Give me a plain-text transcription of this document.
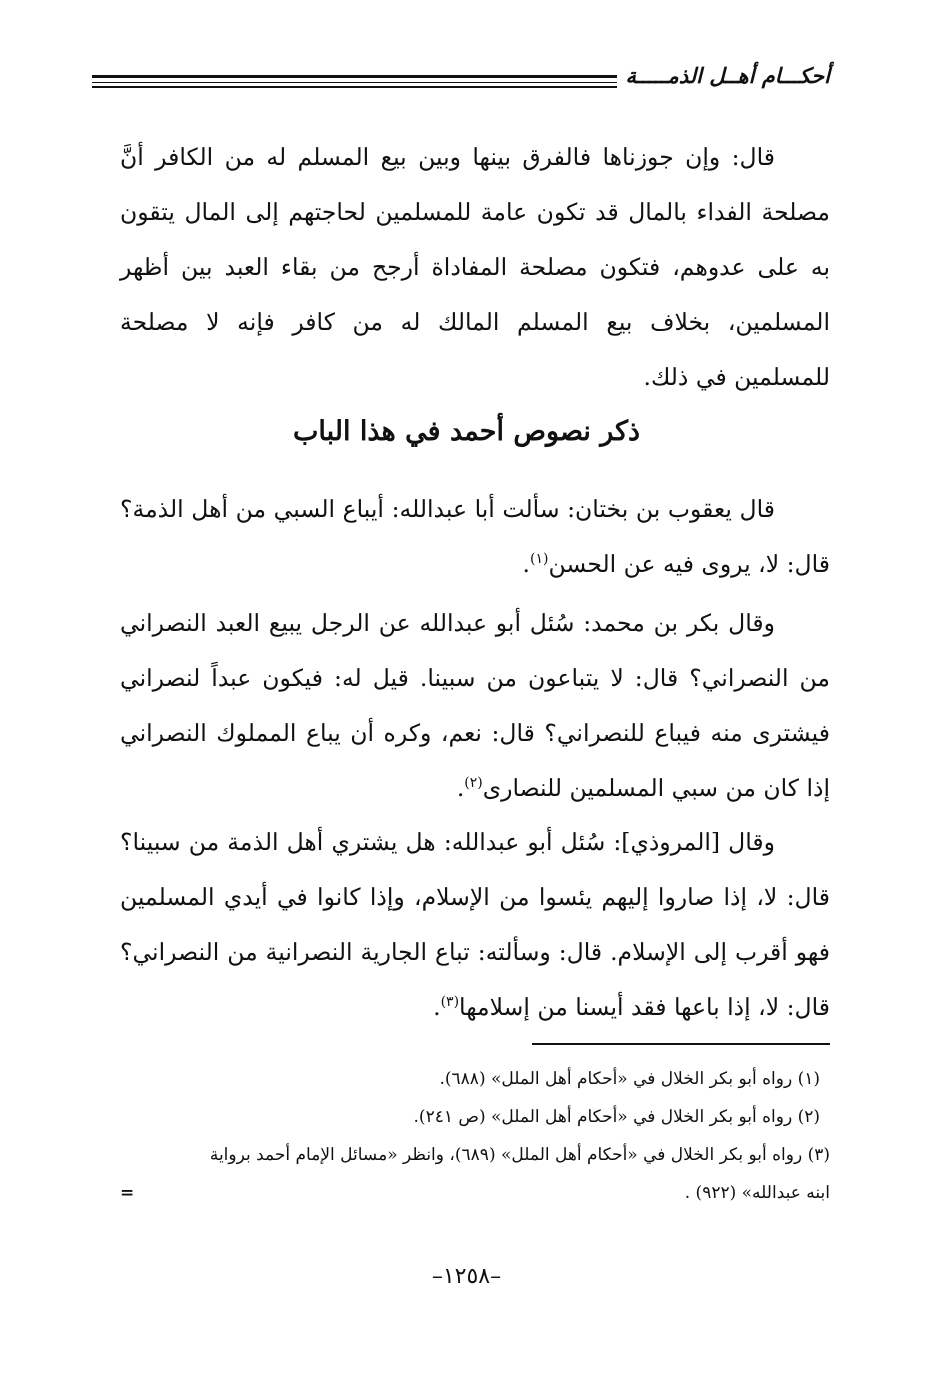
أحكـــام أهــل الذمـــــة

قال: وإن جوزناها فالفرق بينها وبين بيع المسلم له من الكافر أنَّ مصلحة الفداء بالمال قد تكون عامة للمسلمين لحاجتهم إلى المال يتقون به على عدوهم، فتكون مصلحة المفاداة أرجح من بقاء العبد بين أظهر المسلمين، بخلاف بيع المسلم المالك له من كافر فإنه لا مصلحة للمسلمين في ذلك.

ذكر نصوص أحمد في هذا الباب

قال يعقوب بن بختان: سألت أبا عبدالله: أيباع السبي من أهل الذمة؟ قال: لا، يروى فيه عن الحسن$^{(١)}$.

وقال بكر بن محمد: سُئل أبو عبدالله عن الرجل يبيع العبد النصراني من النصراني؟ قال: لا يتباعون من سبينا. قيل له: فيكون عبداً لنصراني فيشترى منه فيباع للنصراني؟ قال: نعم، وكره أن يباع المملوك النصراني إذا كان من سبي المسلمين للنصارى$^{(٢)}$.

وقال [المروذي]: سُئل أبو عبدالله: هل يشتري أهل الذمة من سبينا؟ قال: لا، إذا صاروا إليهم يئسوا من الإسلام، وإذا كانوا في أيدي المسلمين فهو أقرب إلى الإسلام. قال: وسألته: تباع الجارية النصرانية من النصراني؟ قال: لا، إذا باعها فقد أيسنا من إسلامها$^{(٣)}$.

(١) رواه أبو بكر الخلال في «أحكام أهل الملل» (٦٨٨).

(٢) رواه أبو بكر الخلال في «أحكام أهل الملل» (ص ٢٤١).

(٣) رواه أبو بكر الخلال في «أحكام أهل الملل» (٦٨٩)، وانظر «مسائل الإمام أحمد برواية

ابنه عبدالله» (٩٢٢) .
=
–١٢٥٨–
